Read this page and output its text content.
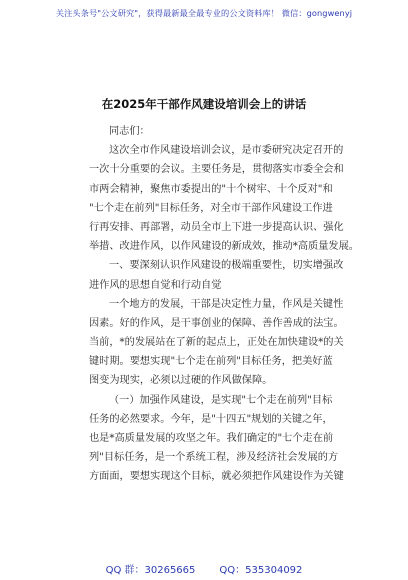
关注头条号"公文研究"，获得最新最全最专业的公文资料库！ 微信：gongwenyj
在2025年干部作风建设培训会上的讲话
同志们：
这次全市作风建设培训会议，是市委研究决定召开的
一次十分重要的会议。主要任务是，贯彻落实市委全会和
市两会精神，聚焦市委提出的"十个树牢、十个反对"和
"七个走在前列"目标任务，对全市干部作风建设工作进
行再安排、再部署，动员全市上下进一步提高认识、强化
举措、改进作风，以作风建设的新成效，推动*高质量发展。
一、要深刻认识作风建设的极端重要性，切实增强改
进作风的思想自觉和行动自觉
一个地方的发展，干部是决定性力量，作风是关键性
因素。好的作风，是干事创业的保障、善作善成的法宝。
当前，*的发展站在了新的起点上，正处在加快建设*的关
键时期。要想实现"七个走在前列"目标任务，把美好蓝
图变为现实，必须以过硬的作风做保障。
（一）加强作风建设，是实现"七个走在前列"目标
任务的必然要求。今年，是"十四五"规划的关键之年，
也是*高质量发展的攻坚之年。我们确定的"七个走在前
列"目标任务，是一个系统工程，涉及经济社会发展的方
方面面，要想实现这个目标，就必须把作风建设作为关键
QQ 群：30265665 QQ：535304092
